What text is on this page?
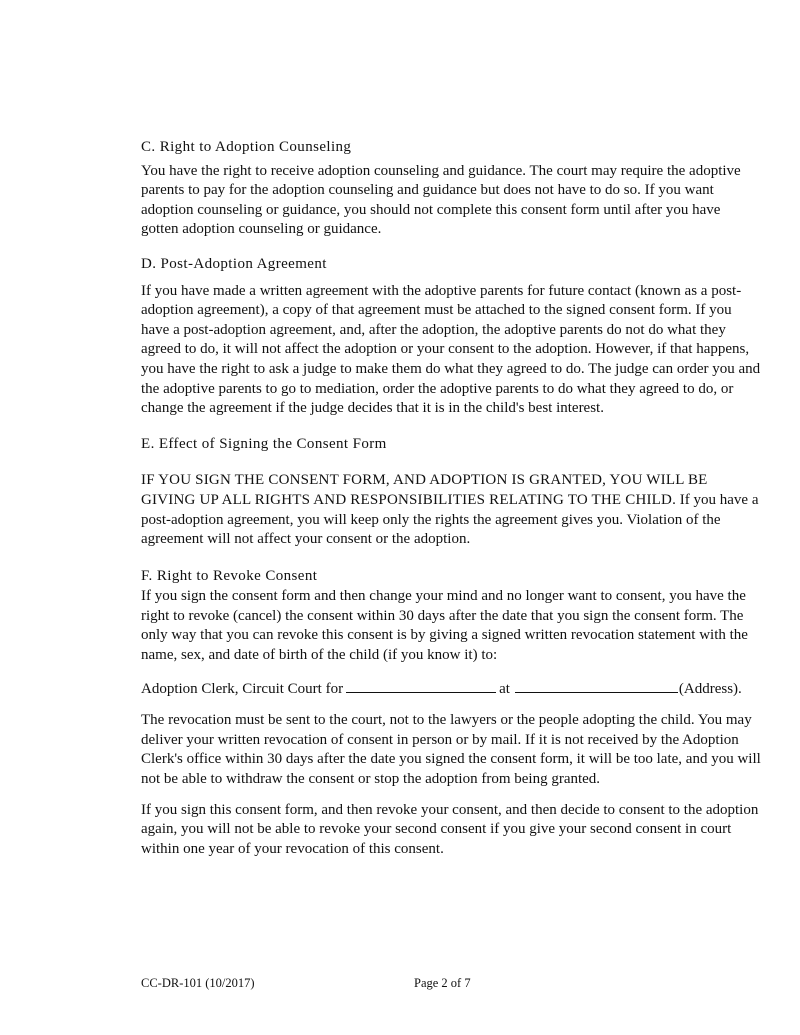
C. Right to Adoption Counseling

You have the right to receive adoption counseling and guidance. The court may require the adoptive parents to pay for the adoption counseling and guidance but does not have to do so. If you want adoption counseling or guidance, you should not complete this consent form until after you have gotten adoption counseling or guidance.

D. Post-Adoption Agreement

If you have made a written agreement with the adoptive parents for future contact (known as a post-adoption agreement), a copy of that agreement must be attached to the signed consent form. If you have a post-adoption agreement, and, after the adoption, the adoptive parents do not do what they agreed to do, it will not affect the adoption or your consent to the adoption. However, if that happens, you have the right to ask a judge to make them do what they agreed to do. The judge can order you and the adoptive parents to go to mediation, order the adoptive parents to do what they agreed to do, or change the agreement if the judge decides that it is in the child's best interest.

E. Effect of Signing the Consent Form

IF YOU SIGN THE CONSENT FORM, AND ADOPTION IS GRANTED, YOU WILL BE GIVING UP ALL RIGHTS AND RESPONSIBILITIES RELATING TO THE CHILD. If you have a post-adoption agreement, you will keep only the rights the agreement gives you. Violation of the agreement will not affect your consent or the adoption.

F. Right to Revoke Consent

If you sign the consent form and then change your mind and no longer want to consent, you have the right to revoke (cancel) the consent within 30 days after the date that you sign the consent form. The only way that you can revoke this consent is by giving a signed written revocation statement with the name, sex, and date of birth of the child (if you know it) to:

Adoption Clerk, Circuit Court for	at	(Address).

The revocation must be sent to the court, not to the lawyers or the people adopting the child. You may deliver your written revocation of consent in person or by mail. If it is not received by the Adoption Clerk's office within 30 days after the date you signed the consent form, it will be too late, and you will not be able to withdraw the consent or stop the adoption from being granted.

If you sign this consent form, and then revoke your consent, and then decide to consent to the adoption again, you will not be able to revoke your second consent if you give your second consent in court within one year of your revocation of this consent.

CC-DR-101 (10/2017)	Page 2 of 7
